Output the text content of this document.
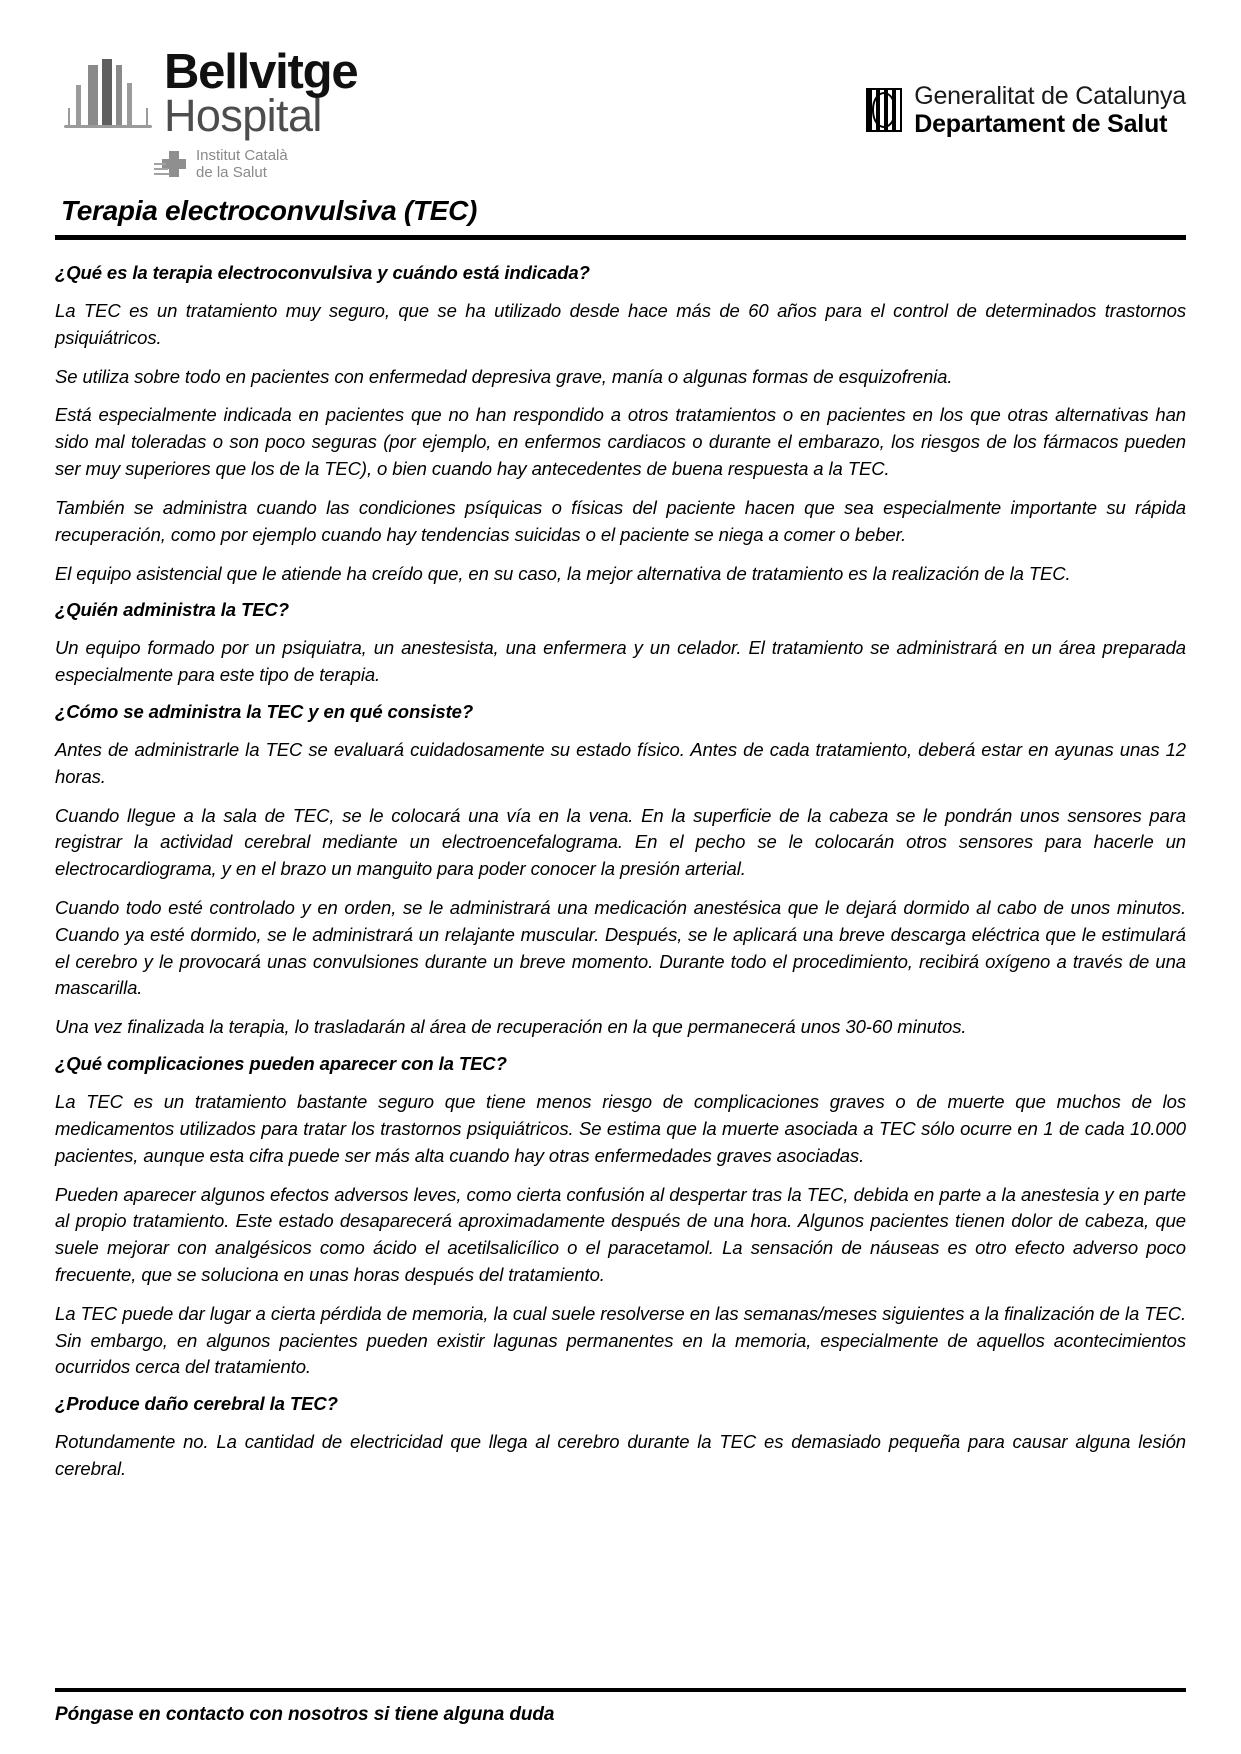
Bellvitge
Hospital
Institut Català
de la Salut
Generalitat de Catalunya
Departament de Salut
Terapia electroconvulsiva (TEC)
¿Qué es la terapia electroconvulsiva y cuándo está indicada?

La TEC es un tratamiento muy seguro, que se ha utilizado desde hace más de 60 años para el control de determinados trastornos psiquiátricos.

Se utiliza sobre todo en pacientes con enfermedad depresiva grave, manía o algunas formas de esquizofrenia.

Está especialmente indicada en pacientes que no han respondido a otros tratamientos o en pacientes en los que otras alternativas han sido mal toleradas o son poco seguras (por ejemplo, en enfermos cardiacos o durante el embarazo, los riesgos de los fármacos pueden ser muy superiores que los de la TEC), o bien cuando hay antecedentes de buena respuesta a la TEC.

También se administra cuando las condiciones psíquicas o físicas del paciente hacen que sea especialmente importante su rápida recuperación, como por ejemplo cuando hay tendencias suicidas o el paciente se niega a comer o beber.

El equipo asistencial que le atiende ha creído que, en su caso, la mejor alternativa de tratamiento es la realización de la TEC.

¿Quién administra la TEC?

Un equipo formado por un psiquiatra, un anestesista, una enfermera y un celador. El tratamiento se administrará en un área preparada especialmente para este tipo de terapia.

¿Cómo se administra la TEC y en qué consiste?

Antes de administrarle la TEC se evaluará cuidadosamente su estado físico. Antes de cada tratamiento, deberá estar en ayunas unas 12 horas.

Cuando llegue a la sala de TEC, se le colocará una vía en la vena. En la superficie de la cabeza se le pondrán unos sensores para registrar la actividad cerebral mediante un electroencefalograma. En el pecho se le colocarán otros sensores para hacerle un electrocardiograma, y en el brazo un manguito para poder conocer la presión arterial.

Cuando todo esté controlado y en orden, se le administrará una medicación anestésica que le dejará dormido al cabo de unos minutos. Cuando ya esté dormido, se le administrará un relajante muscular. Después, se le aplicará una breve descarga eléctrica que le estimulará el cerebro y le provocará unas convulsiones durante un breve momento. Durante todo el procedimiento, recibirá oxígeno a través de una mascarilla.

Una vez finalizada la terapia, lo trasladarán al área de recuperación en la que permanecerá unos 30-60 minutos.

¿Qué complicaciones pueden aparecer con la TEC?

La TEC es un tratamiento bastante seguro que tiene menos riesgo de complicaciones graves o de muerte que muchos de los medicamentos utilizados para tratar los trastornos psiquiátricos. Se estima que la muerte asociada a TEC sólo ocurre en 1 de cada 10.000 pacientes, aunque esta cifra puede ser más alta cuando hay otras enfermedades graves asociadas.

Pueden aparecer algunos efectos adversos leves, como cierta confusión al despertar tras la TEC, debida en parte a la anestesia y en parte al propio tratamiento. Este estado desaparecerá aproximadamente después de una hora. Algunos pacientes tienen dolor de cabeza, que suele mejorar con analgésicos como ácido el acetilsalicílico o el paracetamol. La sensación de náuseas es otro efecto adverso poco frecuente, que se soluciona en unas horas después del tratamiento.

La TEC puede dar lugar a cierta pérdida de memoria, la cual suele resolverse en las semanas/meses siguientes a la finalización de la TEC. Sin embargo, en algunos pacientes pueden existir lagunas permanentes en la memoria, especialmente de aquellos acontecimientos ocurridos cerca del tratamiento.

¿Produce daño cerebral la TEC?

Rotundamente no. La cantidad de electricidad que llega al cerebro durante la TEC es demasiado pequeña para causar alguna lesión cerebral.

Póngase en contacto con nosotros si tiene alguna duda
